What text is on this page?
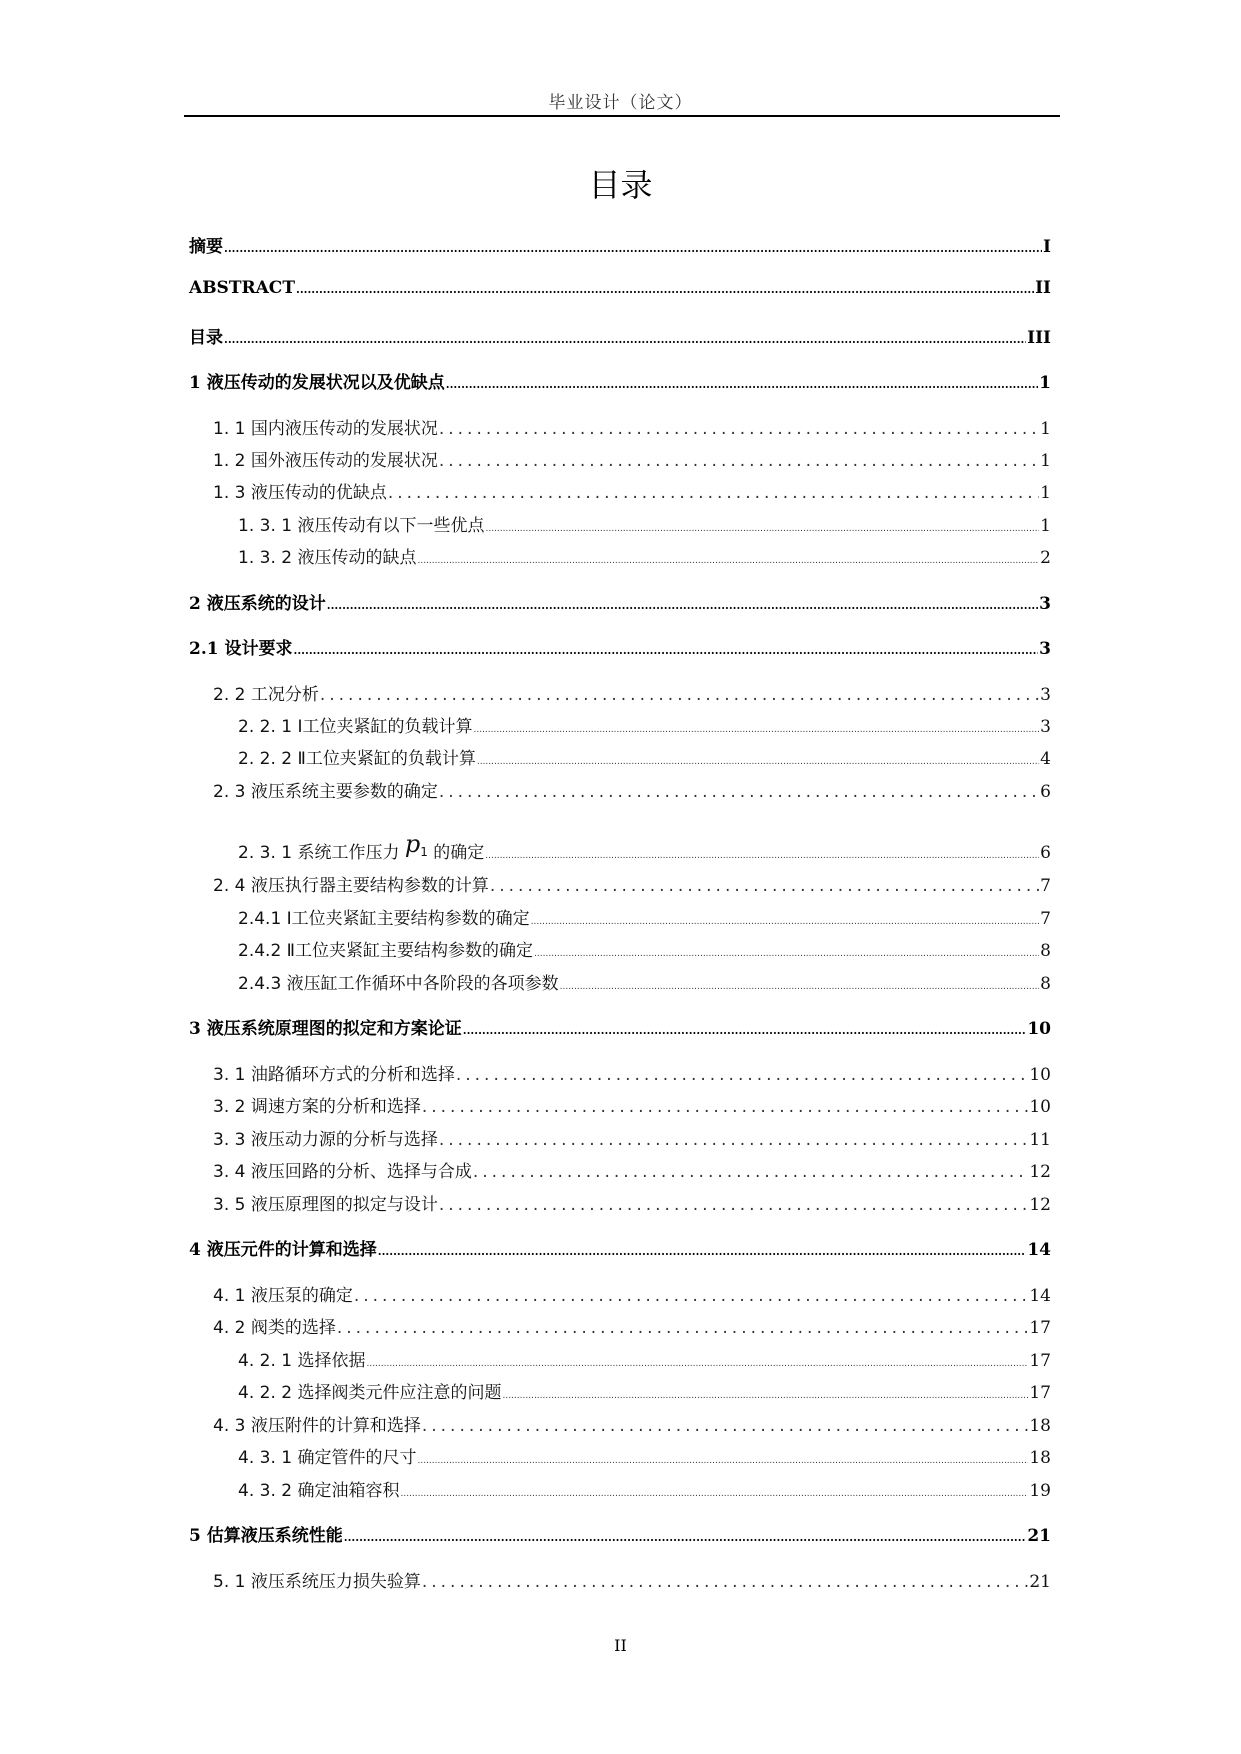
毕业设计（论文）
目录
摘要 .....	I
ABSTRACT .....	II
目录 .....	III
1 液压传动的发展状况以及优缺点 .....	1
1. 1 国内液压传动的发展状况 .....	1
1. 2 国外液压传动的发展状况 .....	1
1. 3 液压传动的优缺点 .....	1
1. 3. 1 液压传动有以下一些优点 .....	1
1. 3. 2 液压传动的缺点 .....	2
2 液压系统的设计 .....	3
2.1 设计要求 .....	3
2. 2 工况分析 .....	3
2. 2. 1 Ⅰ工位夹紧缸的负载计算 .....	3
2. 2. 2 Ⅱ工位夹紧缸的负载计算 .....	4
2. 3 液压系统主要参数的确定 .....	6
2. 3. 1 系统工作压力 p1 的确定 .....	6
2. 4 液压执行器主要结构参数的计算 .....	7
2.4.1 Ⅰ工位夹紧缸主要结构参数的确定 .....	7
2.4.2 Ⅱ工位夹紧缸主要结构参数的确定 .....	8
2.4.3 液压缸工作循环中各阶段的各项参数 .....	8
3 液压系统原理图的拟定和方案论证 .....	10
3. 1 油路循环方式的分析和选择 .....	10
3. 2 调速方案的分析和选择 .....	10
3. 3 液压动力源的分析与选择 .....	11
3. 4 液压回路的分析、选择与合成 .....	12
3. 5 液压原理图的拟定与设计 .....	12
4 液压元件的计算和选择 .....	14
4. 1 液压泵的确定 .....	14
4. 2 阀类的选择 .....	17
4. 2. 1 选择依据 .....	17
4. 2. 2 选择阀类元件应注意的问题 .....	17
4. 3 液压附件的计算和选择 .....	18
4. 3. 1 确定管件的尺寸 .....	18
4. 3. 2 确定油箱容积 .....	19
5 估算液压系统性能 .....	21
5. 1 液压系统压力损失验算 .....	21
II
